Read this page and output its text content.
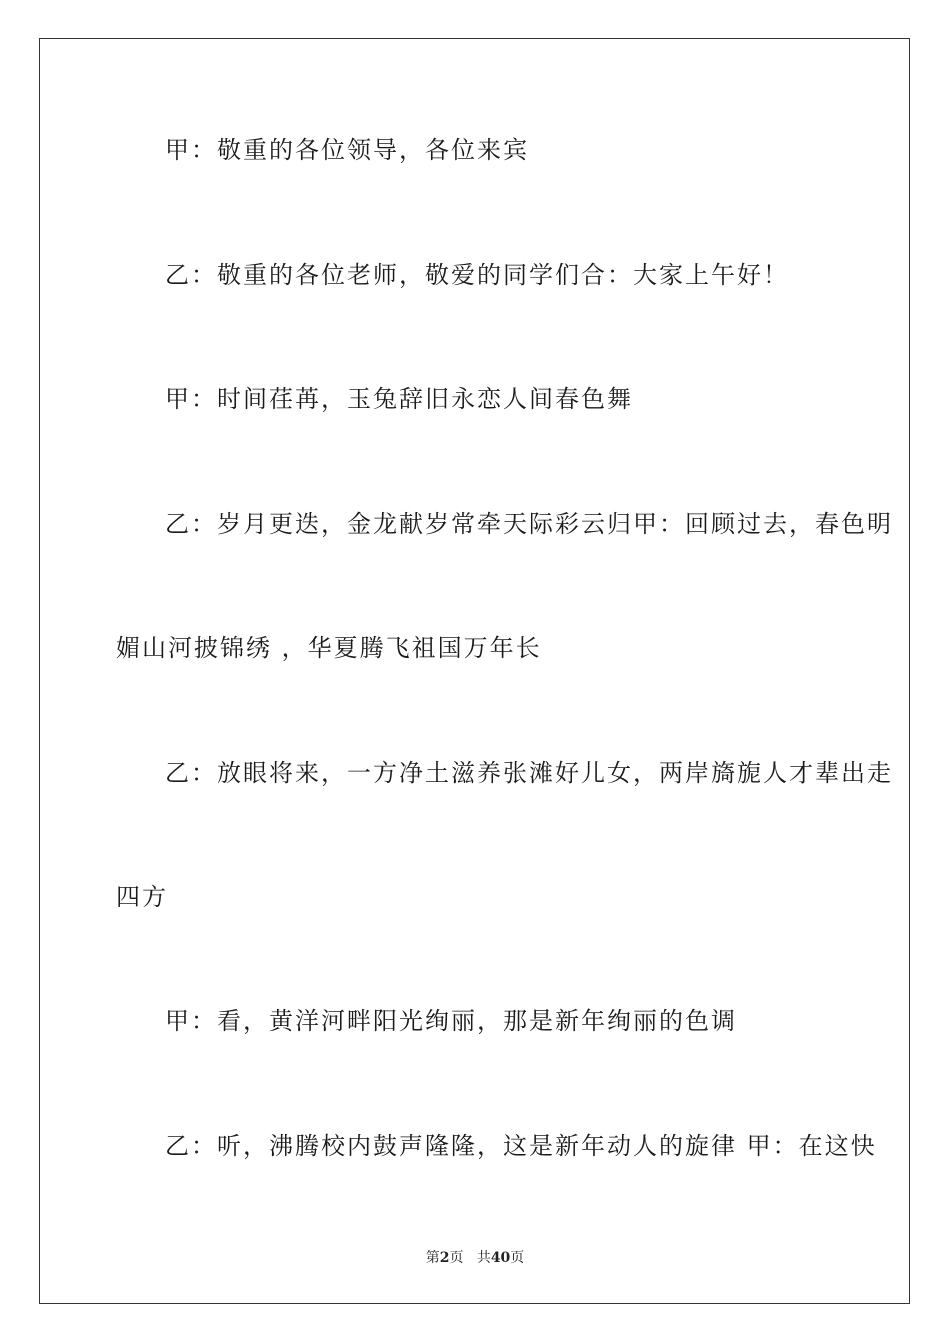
甲：敬重的各位领导，各位来宾
乙：敬重的各位老师，敬爱的同学们合：大家上午好！
甲：时间荏苒，玉兔辞旧永恋人间春色舞
乙：岁月更迭，金龙献岁常牵天际彩云归甲：回顾过去，春色明
媚山河披锦绣 ，华夏腾飞祖国万年长
乙：放眼将来，一方净土滋养张滩好儿女，两岸旖旎人才辈出走
四方
甲：看，黄洋河畔阳光绚丽，那是新年绚丽的色调
乙：听，沸腾校内鼓声隆隆，这是新年动人的旋律 甲：在这快
第2页 共40页
